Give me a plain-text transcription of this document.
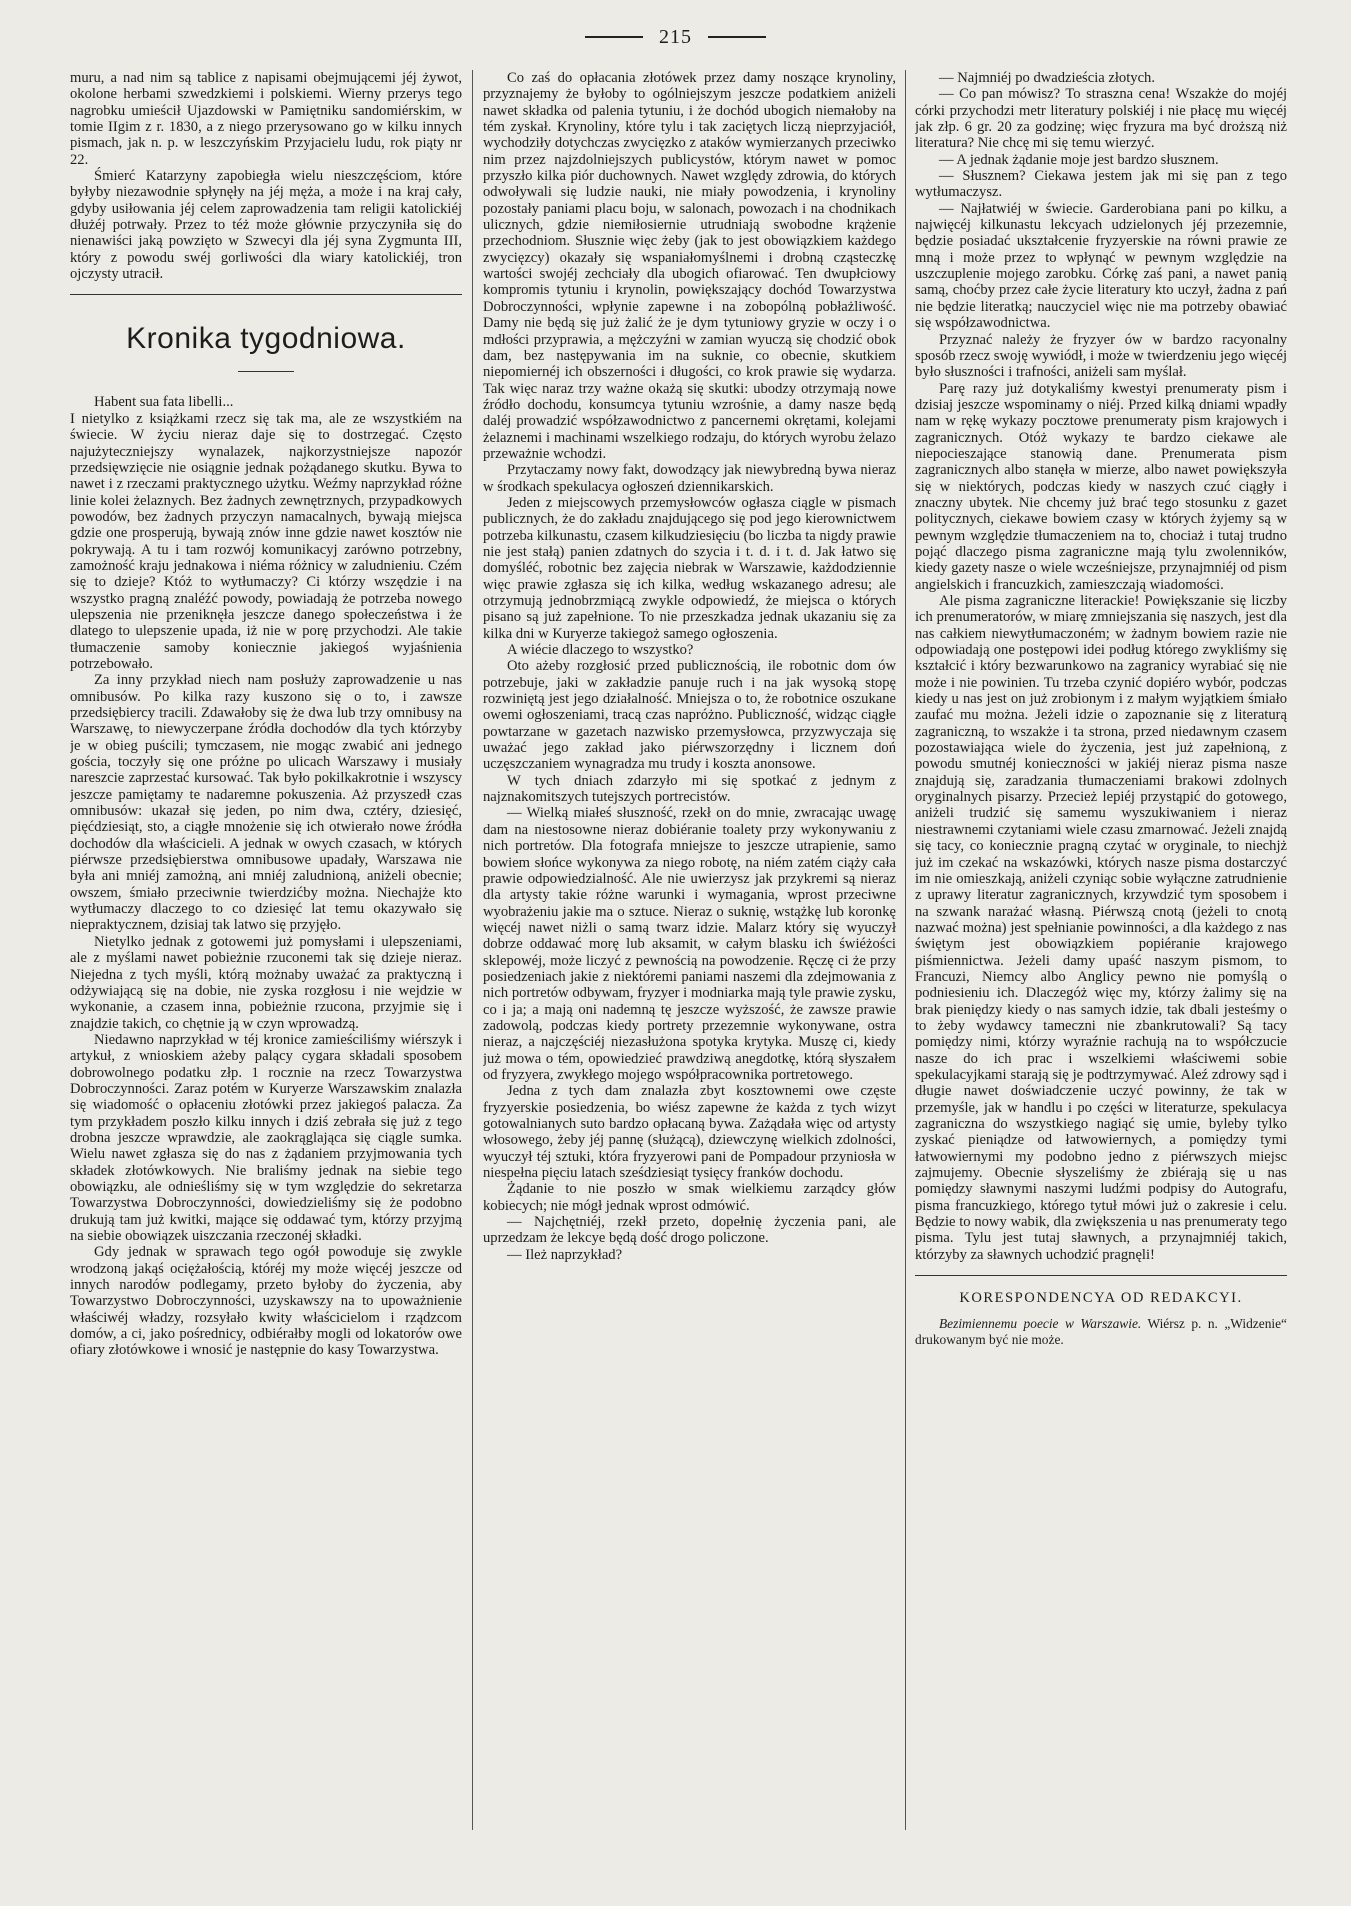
215

muru, a nad nim są tablice z napisami obejmującemi jéj żywot, okolone herbami szwedzkiemi i polskiemi. Wierny przerys tego nagrobku umieścił Ujazdowski w Pamiętniku sandomiérskim, w tomie IIgim z r. 1830, a z niego przerysowano go w kilku innych pismach, jak n. p. w leszczyńskim Przyjacielu ludu, rok piąty nr 22.

Śmierć Katarzyny zapobiegła wielu nieszczęściom, które byłyby niezawodnie spłynęły na jéj męża, a może i na kraj cały, gdyby usiłowania jéj celem zaprowadzenia tam religii katolickiéj dłużéj potrwały. Przez to téż może głównie przyczyniła się do nienawiści jaką powzięto w Szwecyi dla jéj syna Zygmunta III, który z powodu swéj gorliwości dla wiary katolickiéj, tron ojczysty utracił.

Kronika tygodniowa.

Habent sua fata libelli...

I nietylko z książkami rzecz się tak ma, ale ze wszystkiém na świecie. W życiu nieraz daje się to dostrzegać. Często najużyteczniejszy wynalazek, najkorzystniejsze napozór przedsięwzięcie nie osiągnie jednak pożądanego skutku. Bywa to nawet i z rzeczami praktycznego użytku. Weźmy naprzykład różne linie kolei żelaznych. Bez żadnych zewnętrznych, przypadkowych powodów, bez żadnych przyczyn namacalnych, bywają miejsca gdzie one prosperują, bywają znów inne gdzie nawet kosztów nie pokrywają. A tu i tam rozwój komunikacyj zarówno potrzebny, zamożność kraju jednakowa i niéma różnicy w zaludnieniu. Czém się to dzieje? Któż to wytłumaczy? Ci którzy wszędzie i na wszystko pragną znaléźć powody, powiadają że potrzeba nowego ulepszenia nie przeniknęła jeszcze danego społeczeństwa i że dlatego to ulepszenie upada, iż nie w porę przychodzi. Ale takie tłumaczenie samoby koniecznie jakiegoś wyjaśnienia potrzebowało.

Za inny przykład niech nam posłuży zaprowadzenie u nas omnibusów. Po kilka razy kuszono się o to, i zawsze przedsiębiercy tracili. Zdawałoby się że dwa lub trzy omnibusy na Warszawę, to niewyczerpane źródła dochodów dla tych którzyby je w obieg puścili; tymczasem, nie mogąc zwabić ani jednego gościa, toczyły się one próżne po ulicach Warszawy i musiały nareszcie zaprzestać kursować. Tak było pokilkakrotnie i wszyscy jeszcze pamiętamy te nadaremne pokuszenia. Aż przyszedł czas omnibusów: ukazał się jeden, po nim dwa, cztéry, dziesięć, pięćdziesiąt, sto, a ciągłe mnożenie się ich otwierało nowe źródła dochodów dla właścicieli. A jednak w owych czasach, w których piérwsze przedsiębierstwa omnibusowe upadały, Warszawa nie była ani mniéj zamożną, ani mniéj zaludnioną, aniżeli obecnie; owszem, śmiało przeciwnie twierdzićby można. Niechajże kto wytłumaczy dlaczego to co dziesięć lat temu okazywało się niepraktycznem, dzisiaj tak latwo się przyjęło.

Nietylko jednak z gotowemi już pomysłami i ulepszeniami, ale z myślami nawet pobieżnie rzuconemi tak się dzieje nieraz. Niejedna z tych myśli, którą możnaby uważać za praktyczną i odżywiającą się na dobie, nie zyska rozgłosu i nie wejdzie w wykonanie, a czasem inna, pobieżnie rzucona, przyjmie się i znajdzie takich, co chętnie ją w czyn wprowadzą.

Niedawno naprzykład w téj kronice zamieściliśmy wiérszyk i artykuł, z wnioskiem ażeby palący cygara składali sposobem dobrowolnego podatku złp. 1 rocznie na rzecz Towarzystwa Dobroczynności. Zaraz potém w Kuryerze Warszawskim znalazła się wiadomość o opłaceniu złotówki przez jakiegoś palacza. Za tym przykładem poszło kilku innych i dziś zebrała się już z tego drobna jeszcze wprawdzie, ale zaokrąglająca się ciągle sumka. Wielu nawet zgłasza się do nas z żądaniem przyjmowania tych składek złotówkowych. Nie braliśmy jednak na siebie tego obowiązku, ale odnieśliśmy się w tym względzie do sekretarza Towarzystwa Dobroczynności, dowiedzieliśmy się że podobno drukują tam już kwitki, mające się oddawać tym, którzy przyjmą na siebie obowiązek uiszczania rzeczonéj składki.

Gdy jednak w sprawach tego ogół powoduje się zwykle wrodzoną jakąś ociężałością, któréj my może więcéj jeszcze od innych narodów podlegamy, przeto byłoby do życzenia, aby Towarzystwo Dobroczynności, uzyskawszy na to upoważnienie właściwéj władzy, rozsyłało kwity właścicielom i rządzcom domów, a ci, jako pośrednicy, odbiérałby mogli od lokatorów owe ofiary złotówkowe i wnosić je następnie do kasy Towarzystwa.

Co zaś do opłacania złotówek przez damy noszące krynoliny, przyznajemy że byłoby to ogólniejszym jeszcze podatkiem aniżeli nawet składka od palenia tytuniu, i że dochód ubogich niemałoby na tém zyskał. Krynoliny, które tylu i tak zaciętych liczą nieprzyjaciół, wychodziły dotychczas zwycięzko z ataków wymierzanych przeciwko nim przez najzdolniejszych publicystów, którym nawet w pomoc przyszło kilka piór duchownych. Nawet względy zdrowia, do których odwoływali się ludzie nauki, nie miały powodzenia, i krynoliny pozostały paniami placu boju, w salonach, powozach i na chodnikach ulicznych, gdzie niemiłosiernie utrudniają swobodne krążenie przechodniom. Słusznie więc żeby (jak to jest obowiązkiem każdego zwycięzcy) okazały się wspaniałomyślnemi i drobną cząsteczkę wartości swojéj zechciały dla ubogich ofiarować. Ten dwupłciowy kompromis tytuniu i krynolin, powiększający dochód Towarzystwa Dobroczynności, wpłynie zapewne i na zobopólną pobłażliwość. Damy nie będą się już żalić że je dym tytuniowy gryzie w oczy i o mdłości przyprawia, a mężczyźni w zamian wyuczą się chodzić obok dam, bez następywania im na suknie, co obecnie, skutkiem niepomiernéj ich obszerności i długości, co krok prawie się wydarza. Tak więc naraz trzy ważne okażą się skutki: ubodzy otrzymają nowe źródło dochodu, konsumcya tytuniu wzrośnie, a damy nasze będą daléj prowadzić współzawodnictwo z pancernemi okrętami, kolejami żelaznemi i machinami wszelkiego rodzaju, do których wyrobu żelazo przeważnie wchodzi.

Przytaczamy nowy fakt, dowodzący jak niewybredną bywa nieraz w środkach spekulacya ogłoszeń dziennikarskich.

Jeden z miejscowych przemysłowców ogłasza ciągle w pismach publicznych, że do zakładu znajdującego się pod jego kierownictwem potrzeba kilkunastu, czasem kilkudziesięciu (bo liczba ta nigdy prawie nie jest stałą) panien zdatnych do szycia i t. d. i t. d. Jak łatwo się domyśléć, robotnic bez zajęcia niebrak w Warszawie, każdodziennie więc prawie zgłasza się ich kilka, według wskazanego adresu; ale otrzymują jednobrzmiącą zwykle odpowiedź, że miejsca o których pisano są już zapełnione. To nie przeszkadza jednak ukazaniu się za kilka dni w Kuryerze takiegoż samego ogłoszenia.

A wiécie dlaczego to wszystko?

Oto ażeby rozgłosić przed publicznością, ile robotnic dom ów potrzebuje, jaki w zakładzie panuje ruch i na jak wysoką stopę rozwiniętą jest jego działalność. Mniejsza o to, że robotnice oszukane owemi ogłoszeniami, tracą czas napróżno. Publiczność, widząc ciągłe powtarzane w gazetach nazwisko przemysłowca, przyzwyczaja się uważać jego zakład jako piérwszorzędny i licznem doń uczęszczaniem wynagradza mu trudy i koszta anonsowe.

W tych dniach zdarzyło mi się spotkać z jednym z najznakomitszych tutejszych portrecistów.

— Wielką miałeś słuszność, rzekł on do mnie, zwracając uwagę dam na niestosowne nieraz dobiéranie toalety przy wykonywaniu z nich portretów. Dla fotografa mniejsze to jeszcze utrapienie, samo bowiem słońce wykonywa za niego robotę, na niém zatém ciąży cała prawie odpowiedzialność. Ale nie uwierzysz jak przykremi są nieraz dla artysty takie różne warunki i wymagania, wprost przeciwne wyobrażeniu jakie ma o sztuce. Nieraz o suknię, wstążkę lub koronkę więcéj nawet niżli o samą twarz idzie. Malarz który się wyuczył dobrze oddawać morę lub aksamit, w całym blasku ich świéżości sklepowéj, może liczyć z pewnością na powodzenie. Ręczę ci że przy posiedzeniach jakie z niektóremi paniami naszemi dla zdejmowania z nich portretów odbywam, fryzyer i modniarka mają tyle prawie zysku, co i ja; a mają oni nademną tę jeszcze wyższość, że zawsze prawie zadowolą, podczas kiedy portrety przezemnie wykonywane, ostra nieraz, a najczęściéj niezasłużona spotyka krytyka. Muszę ci, kiedy już mowa o tém, opowiedzieć prawdziwą anegdotkę, którą słyszałem od fryzyera, zwykłego mojego współpracownika portretowego.

Jedna z tych dam znalazła zbyt kosztownemi owe częste fryzyerskie posiedzenia, bo wiész zapewne że każda z tych wizyt gotowalnianych suto bardzo opłacaną bywa. Zażądała więc od artysty włosowego, żeby jéj pannę (służącą), dziewczynę wielkich zdolności, wyuczył téj sztuki, która fryzyerowi pani de Pompadour przyniosła w niespełna pięciu latach sześdziesiąt tysięcy franków dochodu.

Żądanie to nie poszło w smak wielkiemu zarządcy głów kobiecych; nie mógł jednak wprost odmówić.

— Najchętniéj, rzekł przeto, dopełnię życzenia pani, ale uprzedzam że lekcye będą dość drogo policzone.

— Ileż naprzykład?

— Najmniéj po dwadzieścia złotych.

— Co pan mówisz? To straszna cena! Wszakże do mojéj córki przychodzi metr literatury polskiéj i nie płacę mu więcéj jak złp. 6 gr. 20 za godzinę; więc fryzura ma być droższą niż literatura? Nie chcę mi się temu wierzyć.

— A jednak żądanie moje jest bardzo słusznem.

— Słusznem? Ciekawa jestem jak mi się pan z tego wytłumaczysz.

— Najłatwiéj w świecie. Garderobiana pani po kilku, a najwięcéj kilkunastu lekcyach udzielonych jéj przezemnie, będzie posiadać ukształcenie fryzyerskie na równi prawie ze mną i może przez to wpłynąć w pewnym względzie na uszczuplenie mojego zarobku. Córkę zaś pani, a nawet panią samą, choćby przez całe życie literatury kto uczył, żadna z pań nie będzie literatką; nauczyciel więc nie ma potrzeby obawiać się współzawodnictwa.

Przyznać należy że fryzyer ów w bardzo racyonalny sposób rzecz swoję wywiódł, i może w twierdzeniu jego więcéj było słuszności i trafności, aniżeli sam myślał.

Parę razy już dotykaliśmy kwestyi prenumeraty pism i dzisiaj jeszcze wspominamy o niéj. Przed kilką dniami wpadły nam w rękę wykazy pocztowe prenumeraty pism krajowych i zagranicznych. Otóż wykazy te bardzo ciekawe ale niepocieszające stanowią dane. Prenumerata pism zagranicznych albo stanęła w mierze, albo nawet powiększyła się w niektórych, podczas kiedy w naszych czuć ciągły i znaczny ubytek. Nie chcemy już brać tego stosunku z gazet politycznych, ciekawe bowiem czasy w których żyjemy są w pewnym względzie tłumaczeniem na to, chociaż i tutaj trudno pojąć dlaczego pisma zagraniczne mają tylu zwolenników, kiedy gazety nasze o wiele wcześniejsze, przynajmniéj od pism angielskich i francuzkich, zamieszczają wiadomości.

Ale pisma zagraniczne literackie! Powiększanie się liczby ich prenumeratorów, w miarę zmniejszania się naszych, jest dla nas całkiem niewytłumaczoném; w żadnym bowiem razie nie odpowiadają one postępowi idei podług którego zwykliśmy się kształcić i który bezwarunkowo na zagranicy wyrabiać się nie może i nie powinien. Tu trzeba czynić dopiéro wybór, podczas kiedy u nas jest on już zrobionym i z małym wyjątkiem śmiało zaufać mu można. Jeżeli idzie o zapoznanie się z literaturą zagraniczną, to wszakże i ta strona, przed niedawnym czasem pozostawiająca wiele do życzenia, jest już zapełnioną, z powodu smutnéj konieczności w jakiéj nieraz pisma nasze znajdują się, zaradzania tłumaczeniami brakowi zdolnych oryginalnych pisarzy. Przecież lepiéj przystąpić do gotowego, aniżeli trudzić się samemu wyszukiwaniem i nieraz niestrawnemi czytaniami wiele czasu zmarnować. Jeżeli znajdą się tacy, co koniecznie pragną czytać w oryginale, to niechjż już im czekać na wskazówki, których nasze pisma dostarczyć im nie omieszkają, aniżeli czyniąc sobie wyłączne zatrudnienie z uprawy literatur zagranicznych, krzywdzić tym sposobem i na szwank narażać własną. Piérwszą cnotą (jeżeli to cnotą nazwać można) jest spełnianie powinności, a dla każdego z nas świętym jest obowiązkiem popiéranie krajowego piśmiennictwa. Jeżeli damy upaść naszym pismom, to Francuzi, Niemcy albo Anglicy pewno nie pomyślą o podniesieniu ich. Dlaczegóż więc my, którzy żalimy się na brak pieniędzy kiedy o nas samych idzie, tak dbali jesteśmy o to żeby wydawcy tameczni nie zbankrutowali? Są tacy pomiędzy nimi, którzy wyraźnie rachują na to współczucie nasze do ich prac i wszelkiemi właściwemi sobie spekulacyjkami starają się je podtrzymywać. Aleź zdrowy sąd i długie nawet doświadczenie uczyć powinny, że tak w przemyśle, jak w handlu i po części w literaturze, spekulacya zagraniczna do wszystkiego nagiąć się umie, byleby tylko zyskać pieniądze od łatwowiernych, a pomiędzy tymi łatwowiernymi my podobno jedno z piérwszych miejsc zajmujemy. Obecnie słyszeliśmy że zbiérają się u nas pomiędzy sławnymi naszymi ludźmi podpisy do Autografu, pisma francuzkiego, którego tytuł mówi już o zakresie i celu. Będzie to nowy wabik, dla zwiększenia u nas prenumeraty tego pisma. Tylu jest tutaj sławnych, a przynajmniéj takich, którzyby za sławnych uchodzić pragnęli!

KORESPONDENCYA OD REDAKCYI.

Bezimiennemu poecie w Warszawie. Wiérsz p. n. „Widzenie“ drukowanym być nie może.
